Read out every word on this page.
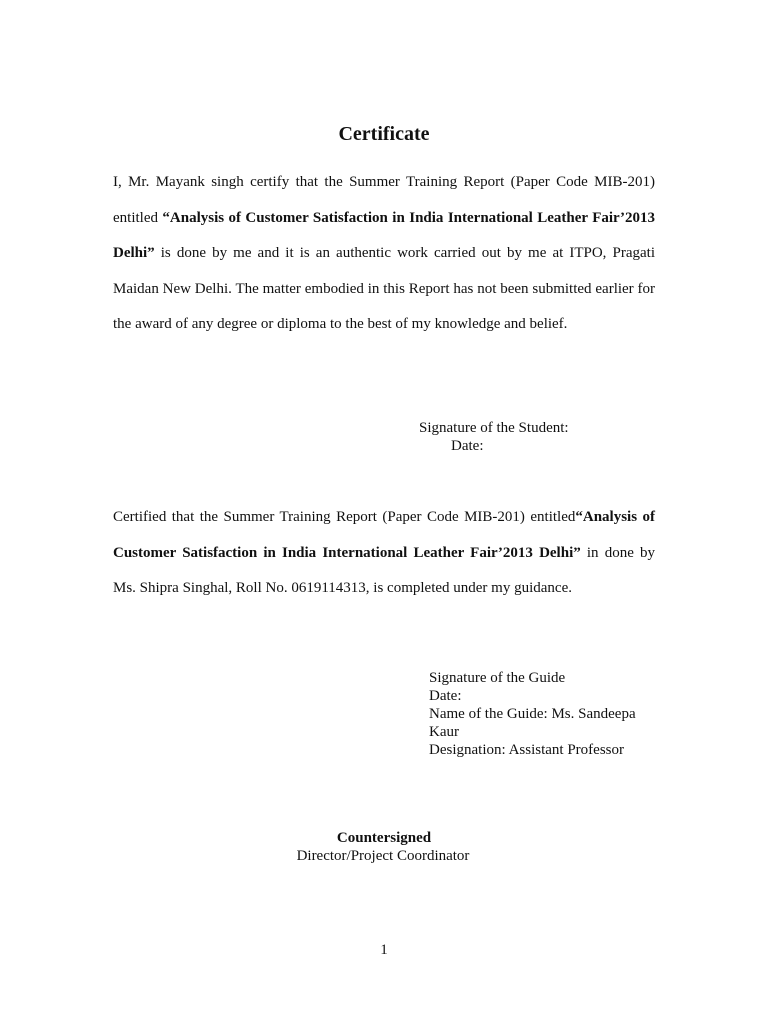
Certificate

I, Mr. Mayank singh certify that the Summer Training Report (Paper Code MIB-201) entitled “Analysis of Customer Satisfaction in India International Leather Fair’2013 Delhi” is done by me and it is an authentic work carried out by me at ITPO, Pragati Maidan New Delhi. The matter embodied in this Report has not been submitted earlier for the award of any degree or diploma to the best of my knowledge and belief.

Signature of the Student:
Date:

Certified that the Summer Training Report (Paper Code MIB-201) entitled“Analysis of Customer Satisfaction in India International Leather Fair’2013 Delhi” in done by Ms. Shipra Singhal, Roll No. 0619114313, is completed under my guidance.

Signature of the Guide
Date:
Name of the Guide: Ms. Sandeepa Kaur
Designation: Assistant Professor
Countersigned
Director/Project Coordinator
1
